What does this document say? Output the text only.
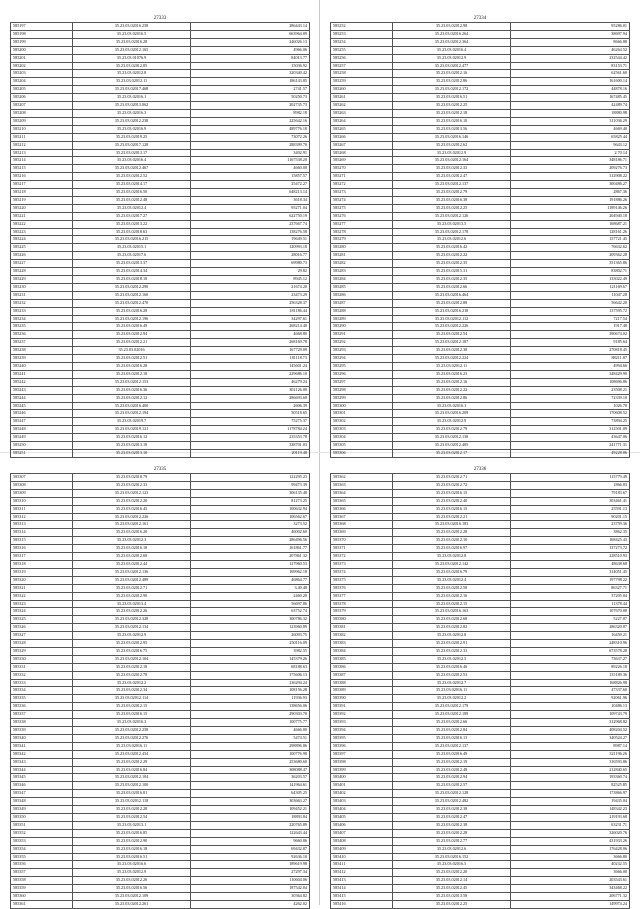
27333
585197	35.23.03.02016.258	286443.14
585198	35.23.03.02016.5	663964.09
585199	35.23.03.02016.28	246026.13
585200	35.23.03.02012.165	4966.06
585201	35.23.03.01076.9	84013.77
585202	35.23.03.02012.85	15036.92
585203	35.23.03.02012.8	320340.42
585204	35.23.03.02012.11	186143.85
585205	35.23.03.02017.468	2741.57
585206	35.23.03.02016.1	50250.73
585207	35.23.03.02013.062	202735.73
585208	35.23.03.02016.3	8982.18
585209	35.23.03.02012.238	225642.16
585210	35.23.03.02016.9	489776.18
585211	35.23.03.02019.25	73072.26
585212	35.23.03.02017.128	288399.70
585213	35.23.03.02013.17	3402.91
585214	35.23.03.02016.4	1167538.20
585215	35.23.03.02012.467	4660.00
585216	35.23.03.02012.52	15857.57
585217	35.23.03.02014.17	25472.27
585218	35.23.03.02016.50	648213.14
585219	35.23.03.02012.48	3618.34
585220	35.23.03.02012.4	95271.04
585221	35.23.03.02017.27	622750.19
585222	35.23.03.02013.22	237667.74
585223	35.23.03.02018.63	138276.58
585224	35.23.03.02016.215	19649.51
585225	35.23.03.02015.1	120993.18
585226	35.23.03.02017.6	28016.77
585227	35.23.03.02013.37	69980.73
585228	35.23.03.02014.34	29.82
585229	35.23.03.02018.18	8945.12
585230	35.23.03.02012.290	21674.20
585231	35.23.03.02012.160	23473.29
585232	35.23.03.02012.470	256328.37
585233	35.23.03.02016.28	181186.44
585234	35.23.03.02012.196	34297.61
585235	35.23.03.02016.49	268214.40
585236	35.23.03.02012.94	4668.80
585237	35.23.03.02012.21	268169.78
585238	35.23.03.02016	167729.09
585239	35.23.03.02012.51	181118.73
585240	35.23.03.02016.28	145601.24
585241	35.23.03.02012.18	229686.10
585242	35.23.03.02012.153	46279.24
585243	35.23.03.02016.36	302126.00
585244	35.23.03.02012.12	286693.60
585245	35.23.03.02016.400	2606.39
585246	35.23.03.02012.194	50518.65
585247	35.23.03.02019.7	75275.37
585248	35.23.03.02019.121	1178784.24
585249	35.23.03.02016.12	235353.78
585250	35.23.03.02013.18	338701.03
585251	35.23.03.02013.10	20119.48
27334
585252	35.23.03.02012.98	95286.01
585253	35.23.03.02016.264	38697.94
585254	35.23.03.02012.364	8666.88
585255	35.23.03.02016.4	46264.52
585256	35.23.03.02012.9	232544.42
585257	35.23.03.02012.477	83153.71
585258	35.23.03.02012.16	62561.60
585259	35.23.03.02012.86	161600.14
585260	35.23.03.02012.172	44878.16
585261	35.23.03.02016.51	167485.45
585262	35.23.03.02012.25	42489.74
585263	35.23.03.02012.18	18880.98
585264	35.23.03.02016.10	311036.29
585265	35.23.03.02013.56	4669.40
585266	35.23.03.02016.146	65825.44
585267	35.23.03.02012.62	9643.12
585268	35.23.03.02012.9	2.70.14
585269	35.23.03.02012.164	348186.71
585270	35.23.03.02012.33	209276.73
585271	35.23.03.02012.47	312908.22
585272	35.23.03.02012.137	300486.27
585273	35.23.03.02012.79	2867.36
585274	35.23.03.02016.38	191886.26
585275	35.23.03.02012.25	1189146.26
585276	35.23.03.02012.126	204940.18
585277	35.23.03.02013.5	168687.21
585278	35.23.03.02012.178	128161.26
585279	35.23.03.02012.6	157721.45
585280	35.23.03.02016.42	76632.62
585281	35.23.03.02012.22	209362.28
585282	35.23.03.02012.35	351365.86
585283	35.23.03.02015.31	83802.71
585284	35.23.03.02012.35	133022.49
585285	35.23.03.02012.66	121169.67
585286	35.23.03.02016.464	11047.28
585287	35.23.03.02012.88	56642.20
585288	35.23.03.02016.218	137595.72
585289	35.23.03.02012.112	7217.54
585290	35.23.03.02012.226	1917.48
585291	35.23.03.02012.54	390674.02
585292	35.23.03.02012.187	9185.64
585293	35.23.03.02012.38	270818.45
585294	35.23.03.02012.224	88211.87
585295	35.23.03.02012.11	4994.66
585296	35.23.03.02016.23	348429.90
585297	35.23.03.02012.16	108696.86
585298	35.23.03.02012.22	23508.21
585299	35.23.03.02012.86	72339.10
585300	35.23.03.02016.1	1026.70
585301	35.23.03.02016.209	170608.52
585302	35.23.03.02012.9	73894.25
585303	35.23.03.02012.79	312501.09
585304	35.23.03.02012.138	43647.06
585305	35.23.03.02012.405	241771.31
585306	35.23.03.02012.17	49228.06
27335
585307	35.23.03.02018.79	122295.23
585308	35.23.03.02012.33	99473.39
585309	35.23.03.02012.123	306135.48
585310	35.23.03.02012.20	81273.25
585311	35.23.03.02016.45	100632.94
585312	35.23.03.02012.226	106562.67
585313	35.23.03.02012.161	3273.52
585314	35.23.03.02016.20	46002.60
585315	35.23.03.02012.3	286496.56
585316	35.23.03.02016.18	161861.77
585317	35.23.03.02012.68	207861.32
585318	35.23.03.02012.44	127960.53
585319	35.23.03.02012.136	169962.18
585320	35.23.03.02012.489	46864.77
585321	35.23.03.02012.71	3.40.48
585322	35.23.03.02012.90	2460.20
585323	35.23.03.02013.4	56697.86
585324	35.23.03.02012.26	63752.74
585325	35.23.03.02012.328	300786.32
585326	35.23.03.02012.134	123960.89
585327	35.23.03.02012.9	26093.75
585328	35.23.03.02012.95	250116.09
585329	35.23.03.02016.75	3982.55
585330	35.23.03.02012.104	145379.26
585331	35.23.03.02012.18	68188.63
585332	35.23.03.02012.78	175606.13
585333	35.23.03.02012.2	236294.24
585334	35.23.03.02012.34	108156.28
585335	35.23.03.02012.114	11936.93
585336	35.23.03.02012.15	138656.06
585337	35.23.03.02016.15	290303.70
585338	35.23.03.02016.3	100775.77
585339	35.23.03.02012.258	4666.00
585340	35.23.03.02012.276	5474.51
585341	35.23.03.02016.11	298896.86
585342	35.23.03.02012.454	100776.98
585343	35.23.03.02012.29	253680.60
585344	35.23.03.02016.84	308088.47
585345	35.23.03.02012.104	36203.57
585346	35.23.03.02012.100	141964.61
585347	35.23.03.02016.81	64305.25
585348	35.23.03.02012.118	303663.27
585349	35.23.03.02012.28	109452.21
585350	35.23.03.02012.54	18893.84
585351	35.23.03.02013.1	220765.89
585352	35.23.03.02016.85	122643.44
585353	35.23.03.02012.90	9660.86
585354	35.23.03.02016.18	69432.87
585355	35.23.03.02016.51	92636.10
585356	35.23.03.02016.6	189619.98
585357	35.23.03.02012.9	27297.34
585358	35.23.03.02012.26	110604.06
585359	35.23.03.02016.56	187542.04
585360	35.23.03.02012.109	30364.82
585361	35.23.03.02012.261	4262.02
27336
585362	35.23.03.02012.71	115779.49
585363	35.23.03.02012.72	1866.83
585364	35.23.03.02016.15	79183.67
585365	35.23.03.02012.40	303461.41
585366	35.23.03.02016.15	25591.13
585367	35.23.03.02012.21	90201.15
585368	35.23.03.02016.183	23759.36
585369	35.23.03.02012.28	3862.35
585370	35.23.03.02012.10	168425.43
585371	35.23.03.02016.97	137273.72
585372	35.23.03.02012.8	228510.93
585373	35.23.03.02012.142	48638.68
585374	35.23.03.02016.79	314051.45
585375	35.23.03.02012.4	197798.22
585376	35.23.03.02012.58	86327.71
585377	35.23.03.02012.16	37205.04
585378	35.23.03.02012.15	11378.44
585379	35.23.03.02016.163	107670.08
585380	35.23.03.02012.68	5227.07
585381	35.23.03.02012.82	286320.07
585382	35.23.03.02012.8	16459.21
585383	35.23.03.02012.91	248310.96
585384	35.23.03.02012.33	673578.28
585385	35.23.03.02012.5	73637.27
585386	35.23.03.02016.46	89226.18
585387	35.23.03.02012.53	135189.36
585388	35.23.03.02012.7	168826.98
585389	35.23.03.02016.11	47337.60
585390	35.23.03.02012.2	92061.96
585391	35.23.03.02012.179	10486.13
585392	35.23.03.02012.189	109743.79
585393	35.23.03.02012.66	312968.82
585394	35.23.03.02012.84	408204.52
585395	35.23.03.02016.13	340524.27
585396	35.23.03.02012.137	8987.14
585397	35.23.03.02016.49	321196.26
585398	35.23.03.02012.19	316593.86
585399	35.23.03.02012.48	212840.65
585400	35.23.03.02012.94	193360.74
585401	35.23.03.02012.57	82525.85
585402	35.23.03.02012.128	173866.97
585403	35.23.03.02012.482	19435.04
585404	35.23.03.02012.38	148342.23
585405	35.23.03.02012.47	219193.68
585406	35.23.03.02012.38	63231.71
585407	35.23.03.02012.28	326020.76
585408	35.23.03.02012.77	431933.26
585409	35.23.03.02012.6	176428.06
585410	35.23.03.02016.152	3666.80
585411	35.23.03.02016.5	40232.55
585412	35.23.03.02012.20	3666.00
585413	35.23.03.02012.14	203543.61
585414	35.23.03.02012.45	343468.22
585415	35.23.03.02013.58	206771.32
585416	35.23.03.02012.25	149974.24
